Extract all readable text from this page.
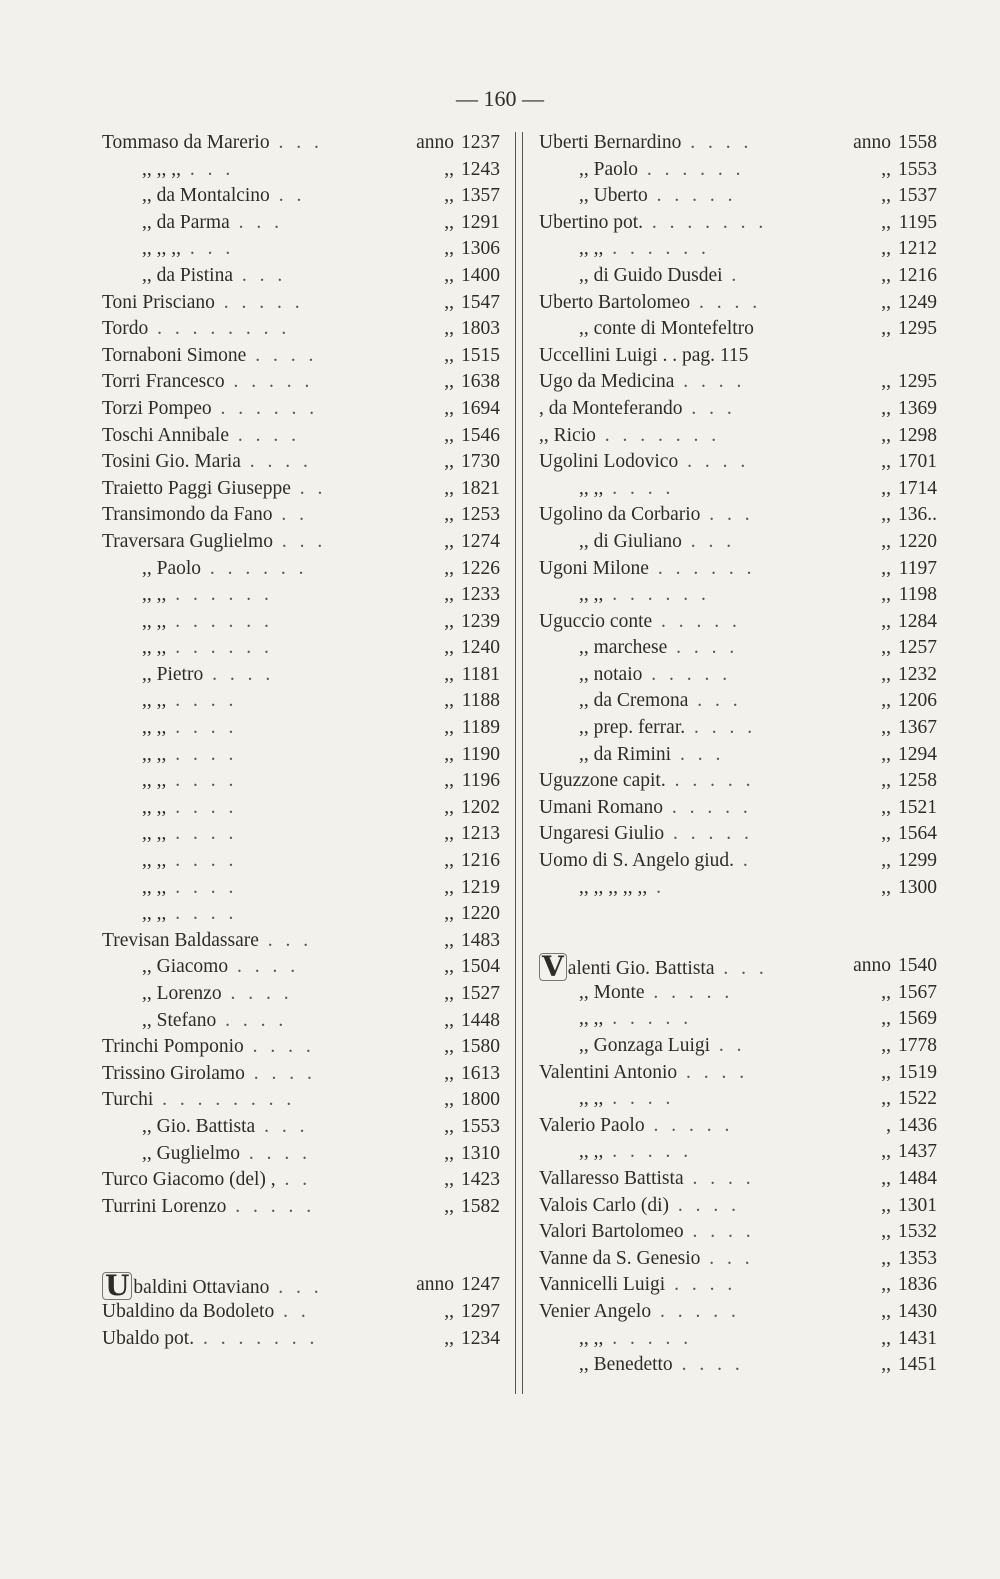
— 160 —
Tommaso da Marerio . . .	anno 1237
,, ,, ,, . . .	,, 1243
,, da Montalcino . .	,, 1357
,, da Parma . . .	,, 1291
,, ,, ,, . . .	,, 1306
,, da Pistina . . .	,, 1400
Toni Prisciano . . . . .	,, 1547
Tordo . . . . . . . .	,, 1803
Tornaboni Simone . . . .	,, 1515
Torri Francesco . . . . .	,, 1638
Torzi Pompeo . . . . . .	,, 1694
Toschi Annibale . . . .	,, 1546
Tosini Gio. Maria . . . .	,, 1730
Traietto Paggi Giuseppe . .	,, 1821
Transimondo da Fano . .	,, 1253
Traversara Guglielmo . . .	,, 1274
,, Paolo . . . . . .	,, 1226
,, ,, . . . . . .	,, 1233
,, ,, . . . . . .	,, 1239
,, ,, . . . . . .	,, 1240
,, Pietro . . . .	,, 1181
,, ,, . . . .	,, 1188
,, ,, . . . .	,, 1189
,, ,, . . . .	,, 1190
,, ,, . . . .	,, 1196
,, ,, . . . .	,, 1202
,, ,, . . . .	,, 1213
,, ,, . . . .	,, 1216
,, ,, . . . .	,, 1219
,, ,, . . . .	,, 1220
Trevisan Baldassare . . .	,, 1483
,, Giacomo . . . .	,, 1504
,, Lorenzo . . . .	,, 1527
,, Stefano . . . .	,, 1448
Trinchi Pomponio . . . .	,, 1580
Trissino Girolamo . . . .	,, 1613
Turchi . . . . . . . .	,, 1800
,, Gio. Battista . . .	,, 1553
,, Guglielmo . . . .	,, 1310
Turco Giacomo (del) , . .	,, 1423
Turrini Lorenzo . . . . .	,, 1582
U baldini Ottaviano . . .	anno 1247
Ubaldino da Bodoleto . .	,, 1297
Ubaldo pot. . . . . . . .	,, 1234
Uberti Bernardino . . . .	anno 1558
,, Paolo . . . . . .	,, 1553
,, Uberto . . . . .	,, 1537
Ubertino pot. . . . . . . .	,, 1195
,, ,, . . . . . .	,, 1212
,, di Guido Dusdei .	,, 1216
Uberto Bartolomeo . . . .	,, 1249
,, conte di Montefeltro	,, 1295
Uccellini Luigi . . pag. 115
Ugo da Medicina . . . .	,, 1295
, da Monteferando . . .	,, 1369
,, Ricio . . . . . . .	,, 1298
Ugolini Lodovico . . . .	,, 1701
,, ,, . . . .	,, 1714
Ugolino da Corbario . . .	,, 136..
,, di Giuliano . . .	,, 1220
Ugoni Milone . . . . . .	,, 1197
,, ,, . . . . . .	,, 1198
Uguccio conte . . . . .	,, 1284
,, marchese . . . .	,, 1257
,, notaio . . . . .	,, 1232
,, da Cremona . . .	,, 1206
,, prep. ferrar. . . . .	,, 1367
,, da Rimini . . .	,, 1294
Uguzzone capit. . . . . .	,, 1258
Umani Romano . . . . .	,, 1521
Ungaresi Giulio . . . . .	,, 1564
Uomo di S. Angelo giud. .	,, 1299
,, ,, ,, ,, ,, .	,, 1300
V alenti Gio. Battista . . .	anno 1540
,, Monte . . . . .	,, 1567
,, ,, . . . . .	,, 1569
,, Gonzaga Luigi . .	,, 1778
Valentini Antonio . . . .	,, 1519
,, ,, . . . .	,, 1522
Valerio Paolo . . . . .	, 1436
,, ,, . . . . .	,, 1437
Vallaresso Battista . . . .	,, 1484
Valois Carlo (di) . . . .	,, 1301
Valori Bartolomeo . . . .	,, 1532
Vanne da S. Genesio . . .	,, 1353
Vannicelli Luigi . . . .	,, 1836
Venier Angelo . . . . .	,, 1430
,, ,, . . . . .	,, 1431
,, Benedetto . . . .	,, 1451
